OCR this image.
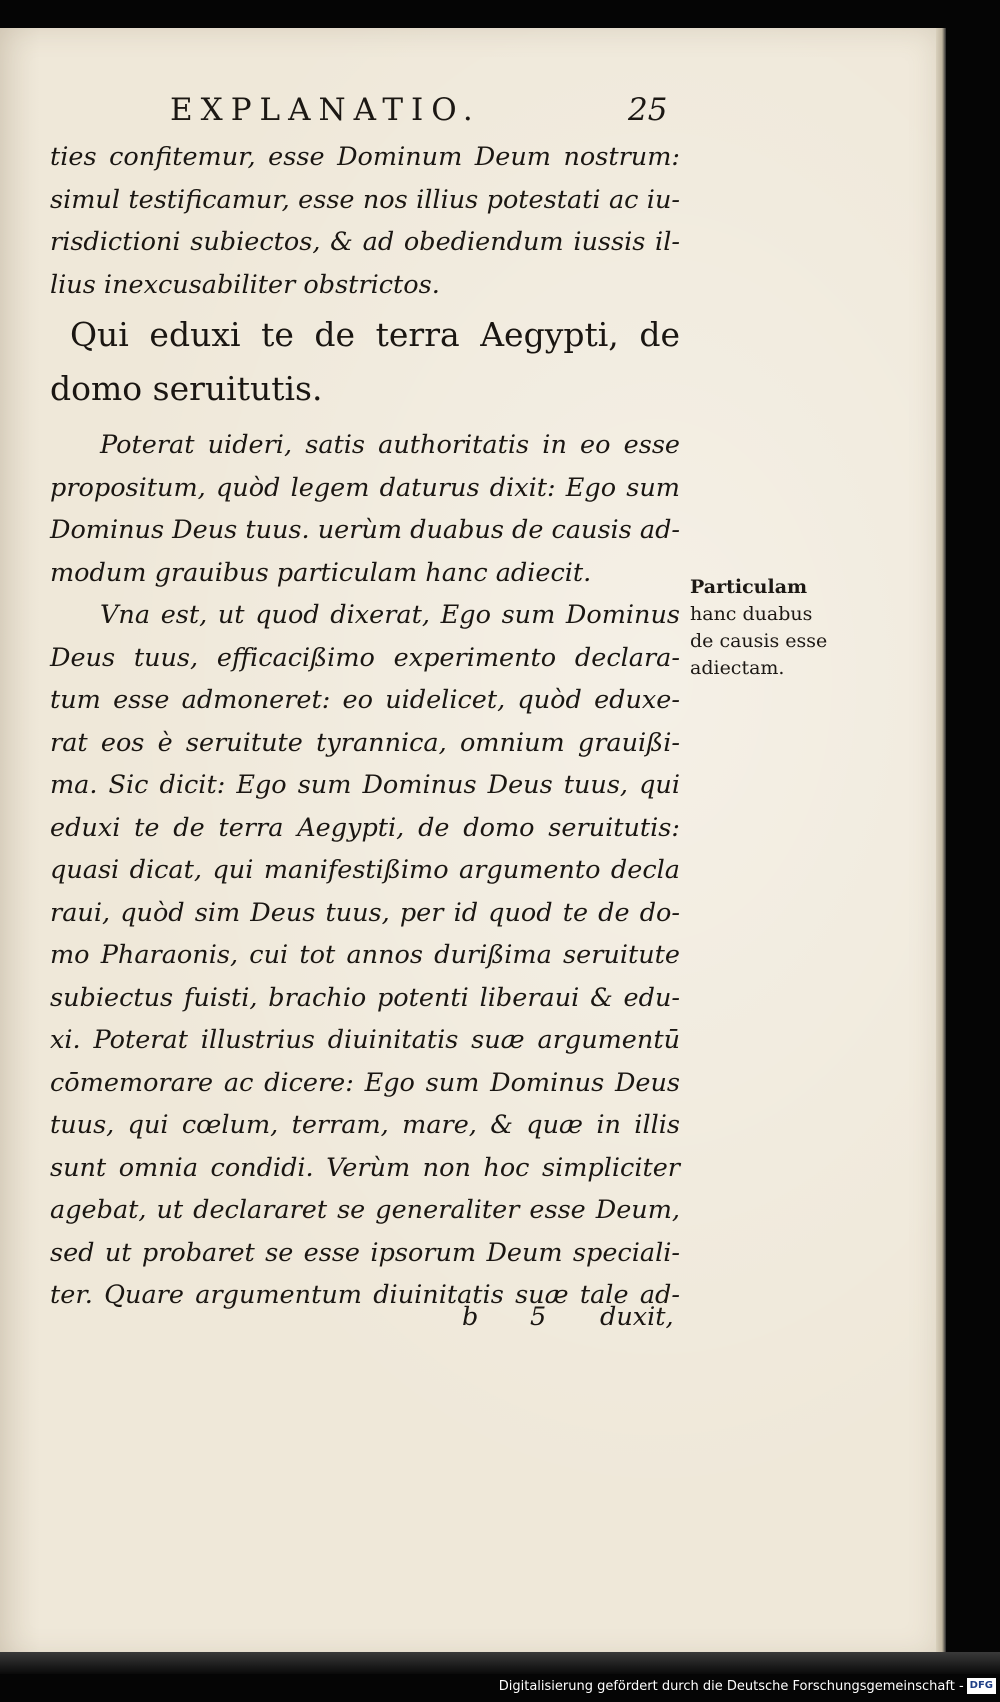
EXPLANATIO.	25
ties confitemur, esse Dominum Deum nostrum:
simul testificamur, esse nos illius potestati ac iu-
risdictioni subiectos, & ad obediendum iussis il-
lius inexcusabiliter obstrictos.
Qui eduxi te de terra Aegypti, de
domo seruitutis.
Poterat uideri, satis authoritatis in eo esse
propositum, quòd legem daturus dixit: Ego sum
Dominus Deus tuus. uerùm duabus de causis ad-
modum grauibus particulam hanc adiecit.
Vna est, ut quod dixerat, Ego sum Dominus
Deus tuus, efficacißimo experimento declara-
tum esse admoneret: eo uidelicet, quòd eduxe-
rat eos è seruitute tyrannica, omnium grauißi-
ma. Sic dicit: Ego sum Dominus Deus tuus, qui
eduxi te de terra Aegypti, de domo seruitutis:
quasi dicat, qui manifestißimo argumento decla
raui, quòd sim Deus tuus, per id quod te de do-
mo Pharaonis, cui tot annos durißima seruitute
subiectus fuisti, brachio potenti liberaui & edu-
xi. Poterat illustrius diuinitatis suæ argumentū
cōmemorare ac dicere: Ego sum Dominus Deus
tuus, qui cœlum, terram, mare, & quæ in illis
sunt omnia condidi. Verùm non hoc simpliciter
agebat, ut declararet se generaliter esse Deum,
sed ut probaret se esse ipsorum Deum speciali-
ter. Quare argumentum diuinitatis suæ tale ad-
b 5 duxit,
Particulam
hanc duabus
de causis esse
adiectam.
Digitalisierung gefördert durch die Deutsche Forschungsgemeinschaft - DFG
